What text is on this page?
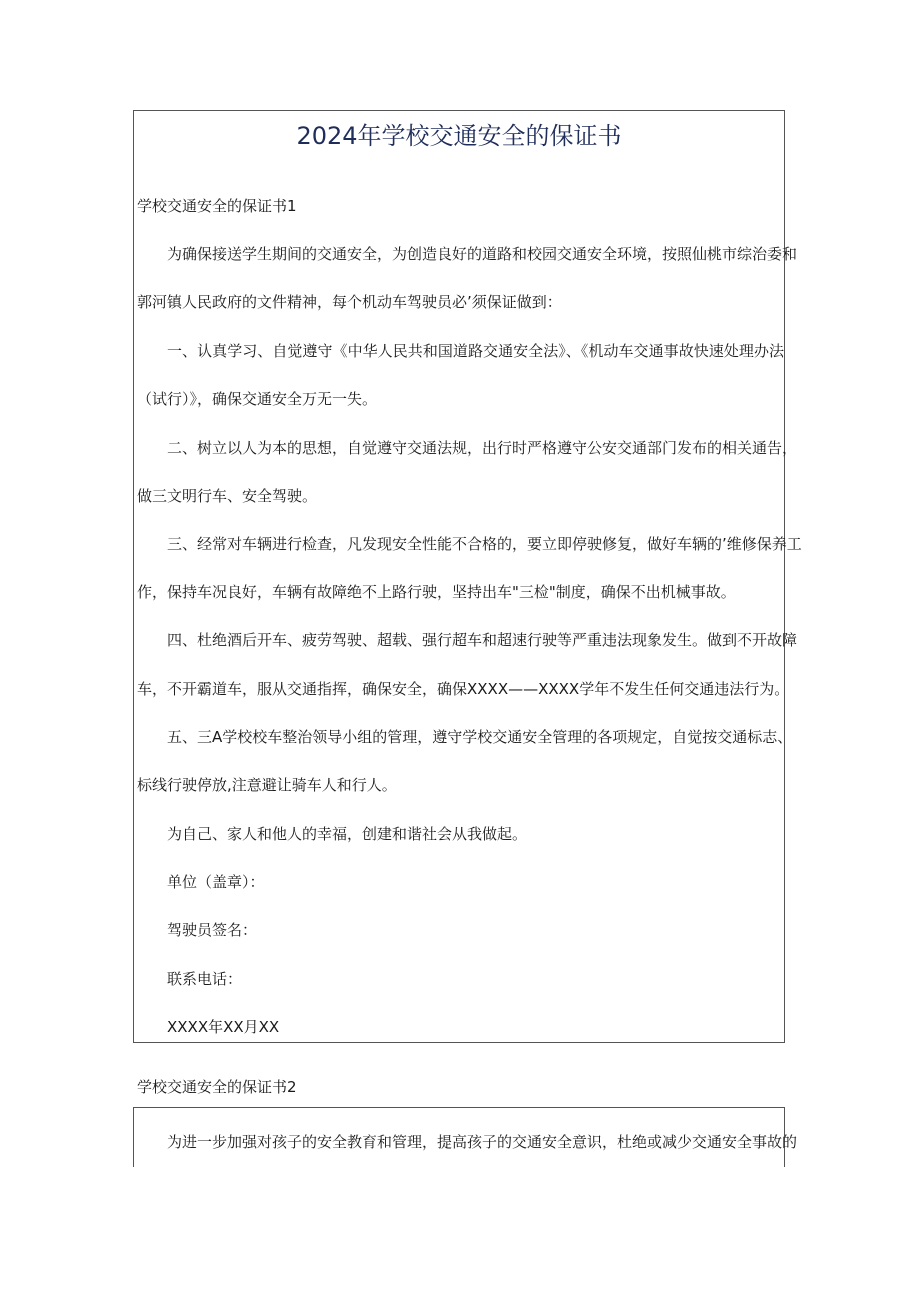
2024年学校交通安全的保证书
学校交通安全的保证书1
为确保接送学生期间的交通安全，为创造良好的道路和校园交通安全环境，按照仙桃市综治委和
郭河镇人民政府的文件精神，每个机动车驾驶员必’须保证做到：
一、认真学习、自觉遵守《中华人民共和国道路交通安全法》、《机动车交通事故快速处理办法
（试行）》，确保交通安全万无一失。
二、树立以人为本的思想，自觉遵守交通法规，出行时严格遵守公安交通部门发布的相关通告，
做三文明行车、安全驾驶。
三、经常对车辆进行检查，凡发现安全性能不合格的，要立即停驶修复，做好车辆的’维修保养工
作，保持车况良好，车辆有故障绝不上路行驶，坚持出车"三检"制度，确保不出机械事故。
四、杜绝酒后开车、疲劳驾驶、超载、强行超车和超速行驶等严重违法现象发生。做到不开故障
车，不开霸道车，服从交通指挥，确保安全，确保XXXX——XXXX学年不发生任何交通违法行为。
五、三A学校校车整治领导小组的管理，遵守学校交通安全管理的各项规定，自觉按交通标志、
标线行驶停放,注意避让骑车人和行人。
为自己、家人和他人的幸福，创建和谐社会从我做起。
单位（盖章）：
驾驶员签名：
联系电话：
XXXX年XX月XX
学校交通安全的保证书2
为进一步加强对孩子的安全教育和管理，提高孩子的交通安全意识，杜绝或减少交通安全事故的
